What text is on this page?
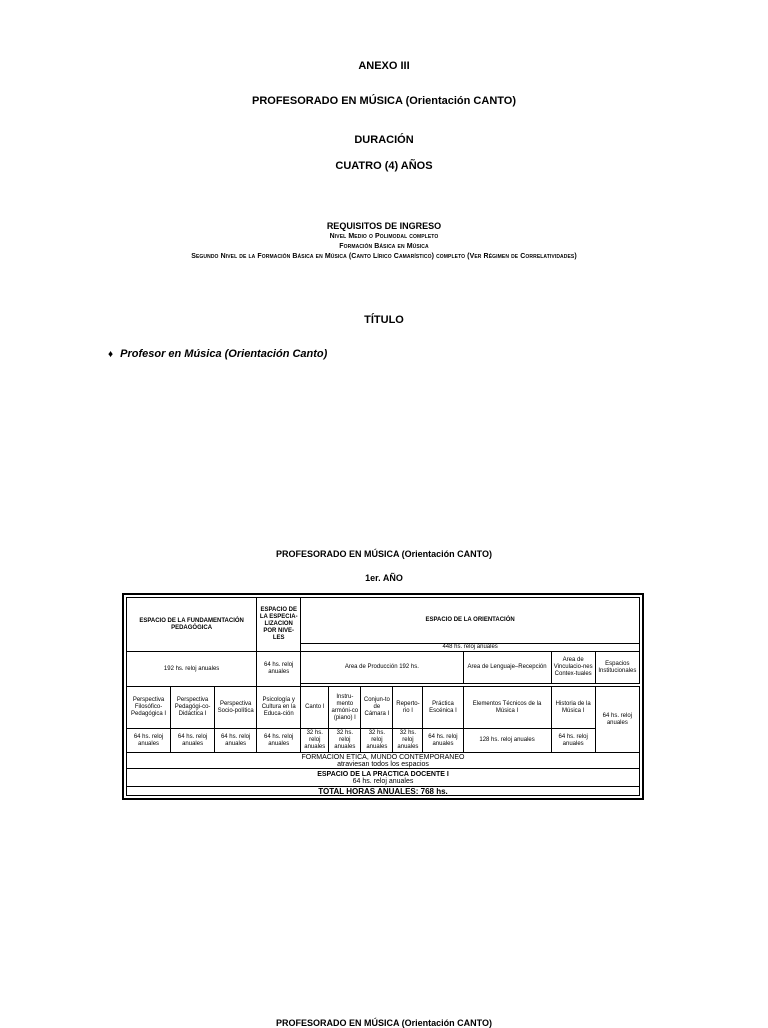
ANEXO III
PROFESORADO EN MÚSICA (Orientación CANTO)
DURACIÓN
CUATRO (4) AÑOS
REQUISITOS DE INGRESO
Nivel Medio o Polimodal completo
Formación Básica en Música
Segundo Nivel de la Formación Básica en Música (Canto Lírico Camarístico) completo (Ver Régimen de Correlatividades)
TÍTULO
♦ Profesor en Música (Orientación Canto)
PROFESORADO EN MÚSICA (Orientación CANTO)
1er. AÑO
ESPACIO DE LA FUNDAMENTACIÓN PEDAGÓGICA			ESPACIO DE LA ESPECIA-LIZACION POR NIVE-LES	ESPACIO DE LA ORIENTACIÓN							
				448 hs. reloj anuales							
192 hs. reloj anuales			64 hs. reloj anuales	Area de Producción 192 hs.					Area de Lenguaje–Recepción	Area de Vinculacio-nes Contex-tuales	Espacios Institucionales

Perspectiva Filosófico-Pedagógica I	Perspectiva Pedagógi-co-Didáctica I	Perspectiva Socio-política	Psicología y Cultura en la Educa-ción	Canto I	Instru-mento armóni-co (piano) I	Conjun-to de Cámara I	Reperto-rio I	Práctica Escénica I	Elementos Técnicos de la Música I	Historia de la Música I	64 hs. reloj anuales
64 hs. reloj anuales	64 hs. reloj anuales	64 hs. reloj anuales	64 hs. reloj anuales	32 hs. reloj anuales	32 hs. reloj anuales	32 hs. reloj anuales	32 hs. reloj anuales	64 hs. reloj anuales	128 hs. reloj anuales	64 hs. reloj anuales	

FORMACION ETICA, MUNDO CONTEMPORANEO
atraviesan todos los espacios											

ESPACIO DE LA PRACTICA DOCENTE I
64 hs. reloj anuales											

TOTAL HORAS ANUALES: 768 hs.											
PROFESORADO EN MÚSICA (Orientación CANTO)
